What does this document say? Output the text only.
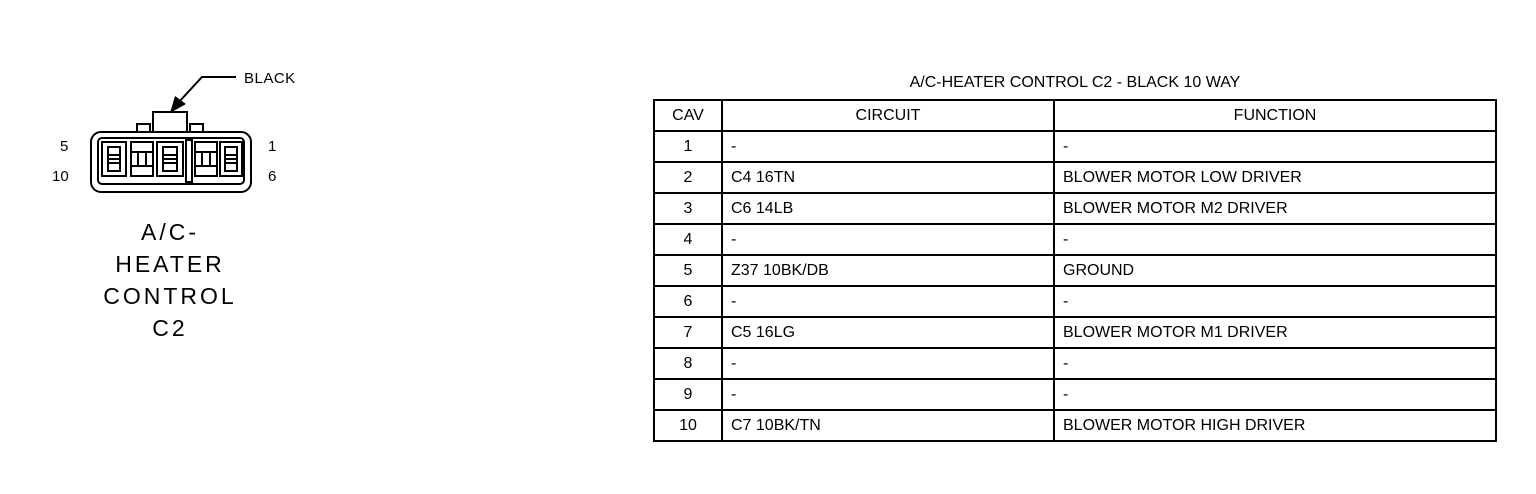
BLACK
5
10
1
6
A/C-
HEATER
CONTROL
C2
A/C-HEATER CONTROL C2 - BLACK 10 WAY
CAV	CIRCUIT	FUNCTION
1	-	-
2	C4 16TN	BLOWER MOTOR LOW DRIVER
3	C6 14LB	BLOWER MOTOR M2 DRIVER
4	-	-
5	Z37 10BK/DB	GROUND
6	-	-
7	C5 16LG	BLOWER MOTOR M1 DRIVER
8	-	-
9	-	-
10	C7 10BK/TN	BLOWER MOTOR HIGH DRIVER
